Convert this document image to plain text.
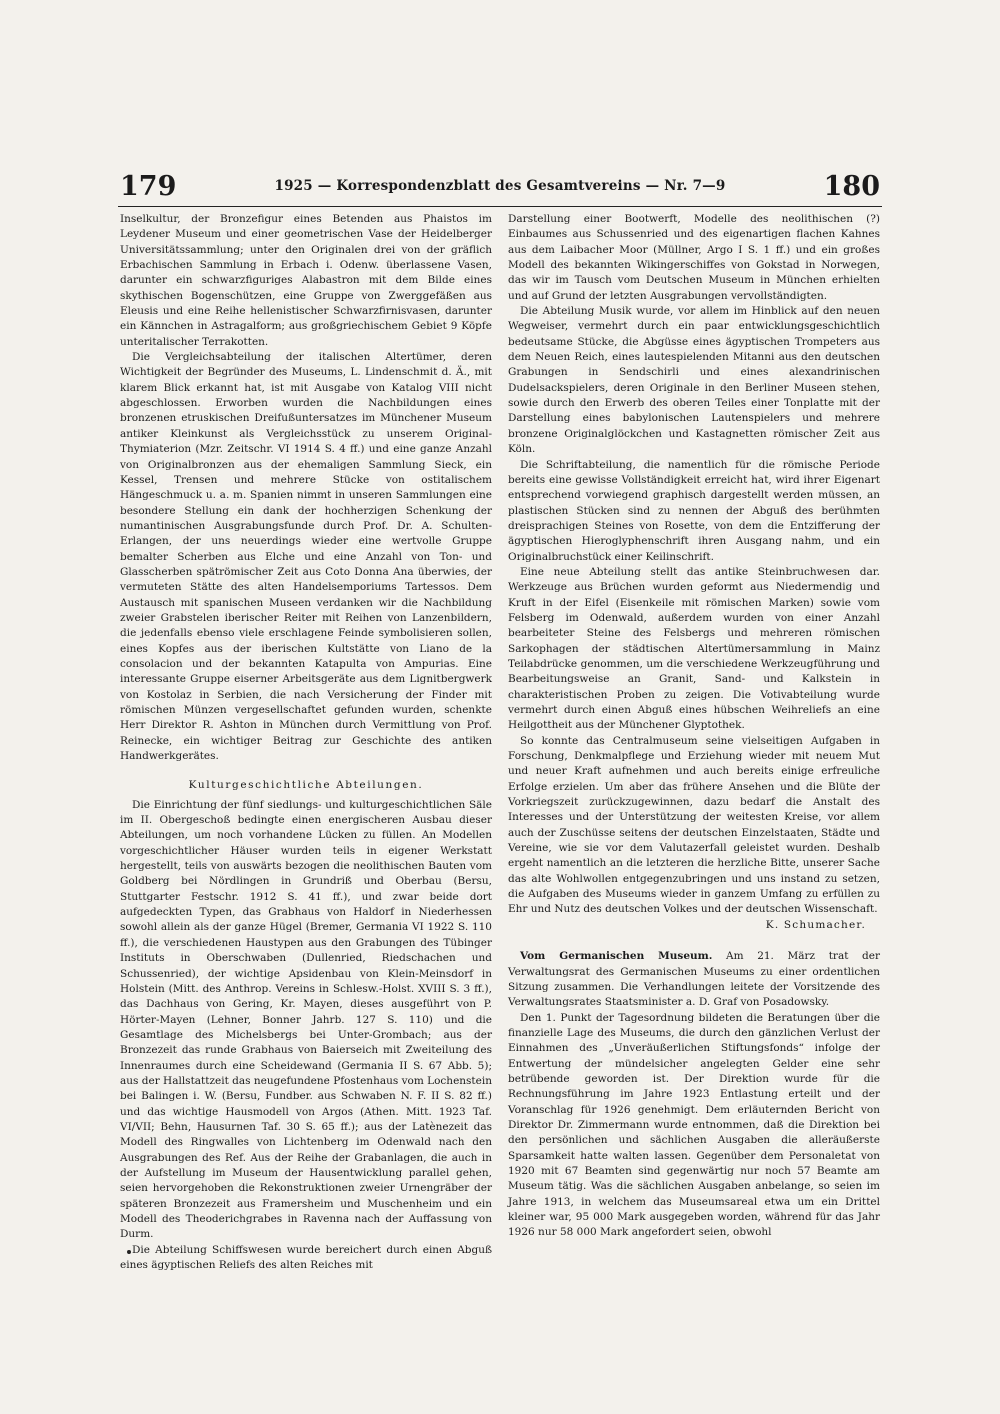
179	1925 — Korrespondenzblatt des Gesamtvereins — Nr. 7—9	180

Inselkultur, der Bronzefigur eines Betenden aus Phaistos im Leydener Museum und einer geometrischen Vase der Heidelberger Universitätssammlung; unter den Originalen drei von der gräflich Erbachischen Sammlung in Erbach i. Odenw. überlassene Vasen, darunter ein schwarzfiguriges Alabastron mit dem Bilde eines skythischen Bogenschützen, eine Gruppe von Zwerggefäßen aus Eleusis und eine Reihe hellenistischer Schwarzfirnisvasen, darunter ein Kännchen in Astragalform; aus großgriechischem Gebiet 9 Köpfe unteritalischer Terrakotten.

Die Vergleichsabteilung der italischen Altertümer, deren Wichtigkeit der Begründer des Museums, L. Lindenschmit d. Ä., mit klarem Blick erkannt hat, ist mit Ausgabe von Katalog VIII nicht abgeschlossen. Erworben wurden die Nachbildungen eines bronzenen etruskischen Dreifußuntersatzes im Münchener Museum antiker Kleinkunst als Vergleichsstück zu unserem Original-Thymiaterion (Mzr. Zeitschr. VI 1914 S. 4 ff.) und eine ganze Anzahl von Originalbronzen aus der ehemaligen Sammlung Sieck, ein Kessel, Trensen und mehrere Stücke von ostitalischem Hängeschmuck u. a. m. Spanien nimmt in unseren Sammlungen eine besondere Stellung ein dank der hochherzigen Schenkung der numantinischen Ausgrabungsfunde durch Prof. Dr. A. Schulten-Erlangen, der uns neuerdings wieder eine wertvolle Gruppe bemalter Scherben aus Elche und eine Anzahl von Ton- und Glasscherben spätrömischer Zeit aus Coto Donna Ana überwies, der vermuteten Stätte des alten Handelsemporiums Tartessos. Dem Austausch mit spanischen Museen verdanken wir die Nachbildung zweier Grabstelen iberischer Reiter mit Reihen von Lanzenbildern, die jedenfalls ebenso viele erschlagene Feinde symbolisieren sollen, eines Kopfes aus der iberischen Kultstätte von Liano de la consolacion und der bekannten Katapulta von Ampurias. Eine interessante Gruppe eiserner Arbeitsgeräte aus dem Lignitbergwerk von Kostolaz in Serbien, die nach Versicherung der Finder mit römischen Münzen vergesellschaftet gefunden wurden, schenkte Herr Direktor R. Ashton in München durch Vermittlung von Prof. Reinecke, ein wichtiger Beitrag zur Geschichte des antiken Handwerkgerätes.

Kulturgeschichtliche Abteilungen.

Die Einrichtung der fünf siedlungs- und kulturgeschichtlichen Säle im II. Obergeschoß bedingte einen energischeren Ausbau dieser Abteilungen, um noch vorhandene Lücken zu füllen. An Modellen vorgeschichtlicher Häuser wurden teils in eigener Werkstatt hergestellt, teils von auswärts bezogen die neolithischen Bauten vom Goldberg bei Nördlingen in Grundriß und Oberbau (Bersu, Stuttgarter Festschr. 1912 S. 41 ff.), und zwar beide dort aufgedeckten Typen, das Grabhaus von Haldorf in Niederhessen sowohl allein als der ganze Hügel (Bremer, Germania VI 1922 S. 110 ff.), die verschiedenen Haustypen aus den Grabungen des Tübinger Instituts in Oberschwaben (Dullenried, Riedschachen und Schussenried), der wichtige Apsidenbau von Klein-Meinsdorf in Holstein (Mitt. des Anthrop. Vereins in Schlesw.-Holst. XVIII S. 3 ff.), das Dachhaus von Gering, Kr. Mayen, dieses ausgeführt von P. Hörter-Mayen (Lehner, Bonner Jahrb. 127 S. 110) und die Gesamtlage des Michelsbergs bei Unter-Grombach; aus der Bronzezeit das runde Grabhaus von Baierseich mit Zweiteilung des Innenraumes durch eine Scheidewand (Germania II S. 67 Abb. 5); aus der Hallstattzeit das neugefundene Pfostenhaus vom Lochenstein bei Balingen i. W. (Bersu, Fundber. aus Schwaben N. F. II S. 82 ff.) und das wichtige Hausmodell von Argos (Athen. Mitt. 1923 Taf. VI/VII; Behn, Hausurnen Taf. 30 S. 65 ff.); aus der Latènezeit das Modell des Ringwalles von Lichtenberg im Odenwald nach den Ausgrabungen des Ref. Aus der Reihe der Grabanlagen, die auch in der Aufstellung im Museum der Hausentwicklung parallel gehen, seien hervorgehoben die Rekonstruktionen zweier Urnengräber der späteren Bronzezeit aus Framersheim und Muschenheim und ein Modell des Theoderichgrabes in Ravenna nach der Auffassung von Durm.

Die Abteilung Schiffswesen wurde bereichert durch einen Abguß eines ägyptischen Reliefs des alten Reiches mit

Darstellung einer Bootwerft, Modelle des neolithischen (?) Einbaumes aus Schussenried und des eigenartigen flachen Kahnes aus dem Laibacher Moor (Müllner, Argo I S. 1 ff.) und ein großes Modell des bekannten Wikingerschiffes von Gokstad in Norwegen, das wir im Tausch vom Deutschen Museum in München erhielten und auf Grund der letzten Ausgrabungen vervollständigten.

Die Abteilung Musik wurde, vor allem im Hinblick auf den neuen Wegweiser, vermehrt durch ein paar entwicklungsgeschichtlich bedeutsame Stücke, die Abgüsse eines ägyptischen Trompeters aus dem Neuen Reich, eines lautespielenden Mitanni aus den deutschen Grabungen in Sendschirli und eines alexandrinischen Dudelsackspielers, deren Originale in den Berliner Museen stehen, sowie durch den Erwerb des oberen Teiles einer Tonplatte mit der Darstellung eines babylonischen Lautenspielers und mehrere bronzene Originalglöckchen und Kastagnetten römischer Zeit aus Köln.

Die Schriftabteilung, die namentlich für die römische Periode bereits eine gewisse Vollständigkeit erreicht hat, wird ihrer Eigenart entsprechend vorwiegend graphisch dargestellt werden müssen, an plastischen Stücken sind zu nennen der Abguß des berühmten dreisprachigen Steines von Rosette, von dem die Entzifferung der ägyptischen Hieroglyphenschrift ihren Ausgang nahm, und ein Originalbruchstück einer Keilinschrift.

Eine neue Abteilung stellt das antike Steinbruchwesen dar. Werkzeuge aus Brüchen wurden geformt aus Niedermendig und Kruft in der Eifel (Eisenkeile mit römischen Marken) sowie vom Felsberg im Odenwald, außerdem wurden von einer Anzahl bearbeiteter Steine des Felsbergs und mehreren römischen Sarkophagen der städtischen Altertümersammlung in Mainz Teilabdrücke genommen, um die verschiedene Werkzeugführung und Bearbeitungsweise an Granit, Sand- und Kalkstein in charakteristischen Proben zu zeigen. Die Votivabteilung wurde vermehrt durch einen Abguß eines hübschen Weihreliefs an eine Heilgottheit aus der Münchener Glyptothek.

So konnte das Centralmuseum seine vielseitigen Aufgaben in Forschung, Denkmalpflege und Erziehung wieder mit neuem Mut und neuer Kraft aufnehmen und auch bereits einige erfreuliche Erfolge erzielen. Um aber das frühere Ansehen und die Blüte der Vorkriegszeit zurückzugewinnen, dazu bedarf die Anstalt des Interesses und der Unterstützung der weitesten Kreise, vor allem auch der Zuschüsse seitens der deutschen Einzelstaaten, Städte und Vereine, wie sie vor dem Valutazerfall geleistet wurden. Deshalb ergeht namentlich an die letzteren die herzliche Bitte, unserer Sache das alte Wohlwollen entgegenzubringen und uns instand zu setzen, die Aufgaben des Museums wieder in ganzem Umfang zu erfüllen zu Ehr und Nutz des deutschen Volkes und der deutschen Wissenschaft.

K. Schumacher.

Vom Germanischen Museum. Am 21. März trat der Verwaltungsrat des Germanischen Museums zu einer ordentlichen Sitzung zusammen. Die Verhandlungen leitete der Vorsitzende des Verwaltungsrates Staatsminister a. D. Graf von Posadowsky.

Den 1. Punkt der Tagesordnung bildeten die Beratungen über die finanzielle Lage des Museums, die durch den gänzlichen Verlust der Einnahmen des „Unveräußerlichen Stiftungsfonds“ infolge der Entwertung der mündelsicher angelegten Gelder eine sehr betrübende geworden ist. Der Direktion wurde für die Rechnungsführung im Jahre 1923 Entlastung erteilt und der Voranschlag für 1926 genehmigt. Dem erläuternden Bericht von Direktor Dr. Zimmermann wurde entnommen, daß die Direktion bei den persönlichen und sächlichen Ausgaben die alleräußerste Sparsamkeit hatte walten lassen. Gegenüber dem Personaletat von 1920 mit 67 Beamten sind gegenwärtig nur noch 57 Beamte am Museum tätig. Was die sächlichen Ausgaben anbelange, so seien im Jahre 1913, in welchem das Museumsareal etwa um ein Drittel kleiner war, 95 000 Mark ausgegeben worden, während für das Jahr 1926 nur 58 000 Mark angefordert seien, obwohl
